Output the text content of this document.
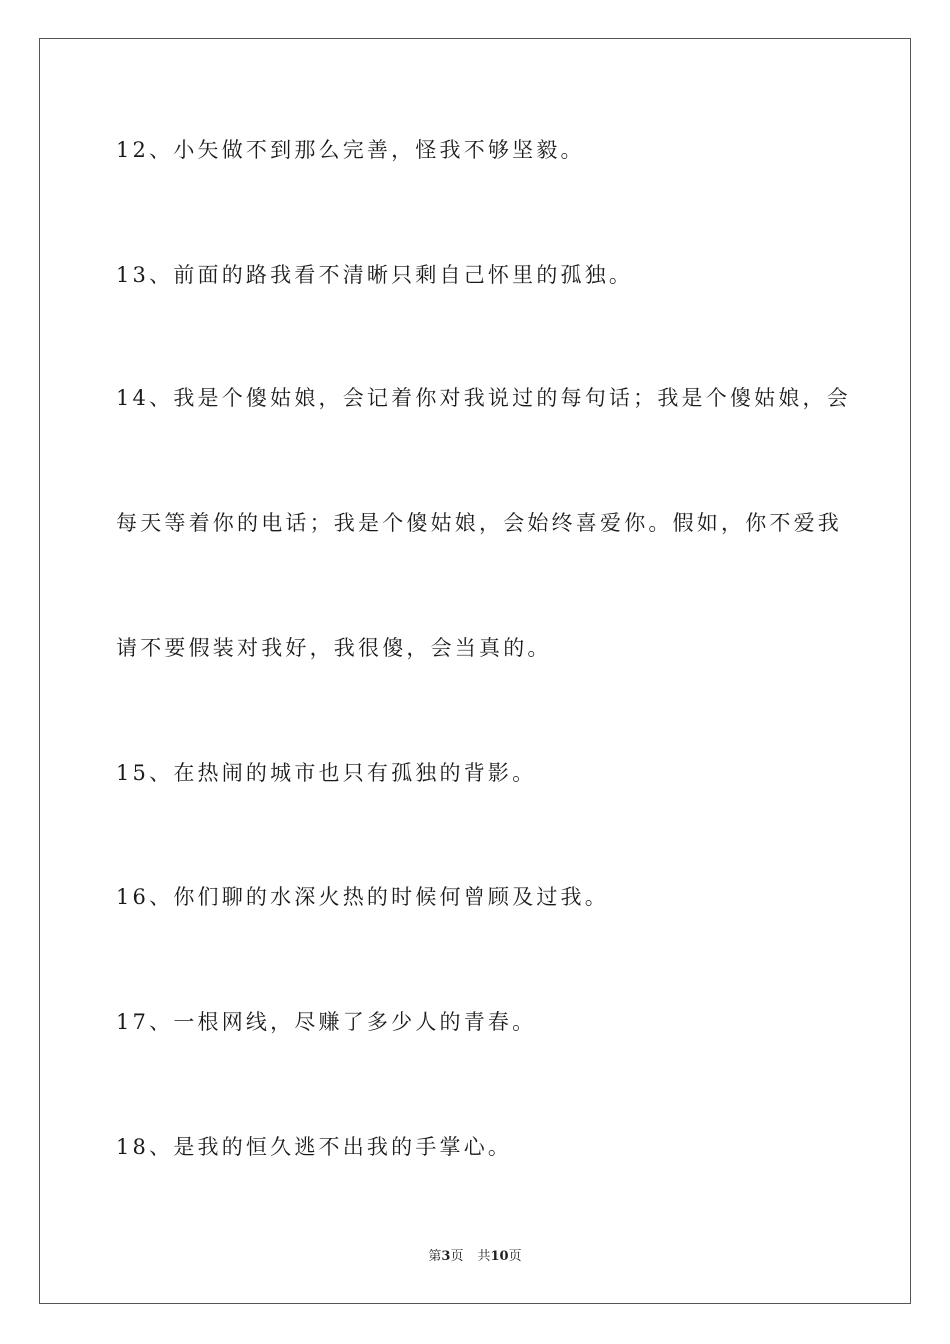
12、小矢做不到那么完善，怪我不够坚毅。
13、前面的路我看不清晰只剩自己怀里的孤独。
14、我是个傻姑娘，会记着你对我说过的每句话；我是个傻姑娘，会
每天等着你的电话；我是个傻姑娘，会始终喜爱你。假如，你不爱我
请不要假装对我好，我很傻，会当真的。
15、在热闹的城市也只有孤独的背影。
16、你们聊的水深火热的时候何曾顾及过我。
17、一根网线，尽赚了多少人的青春。
18、是我的恒久逃不出我的手掌心。
第3页 共10页
